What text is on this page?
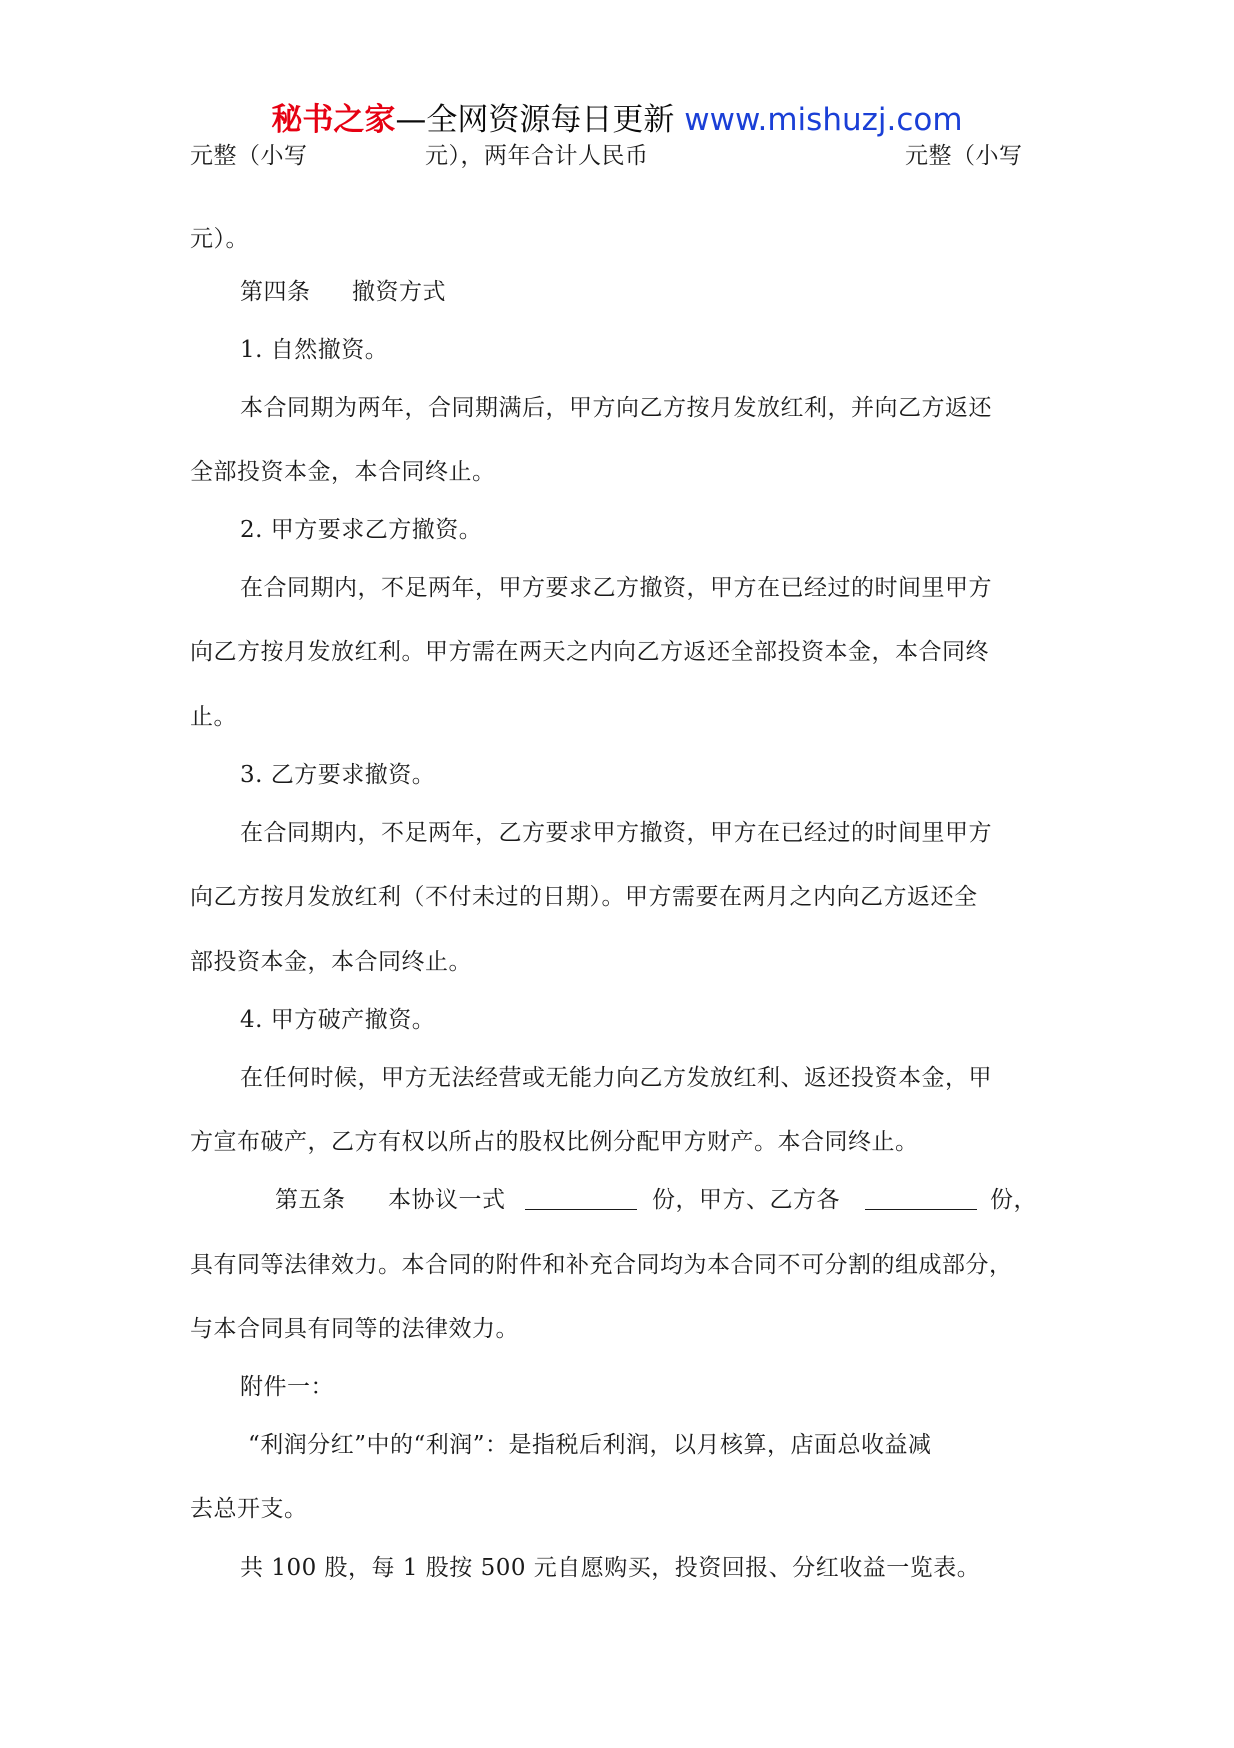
秘书之家—全网资源每日更新 www.mishuzj.com
元整（小写	元），两年合计人民币	元整（小写
元）。
第四条 撤资方式
1. 自然撤资。
本合同期为两年，合同期满后，甲方向乙方按月发放红利，并向乙方返还
全部投资本金，本合同终止。
2. 甲方要求乙方撤资。
在合同期内，不足两年，甲方要求乙方撤资，甲方在已经过的时间里甲方
向乙方按月发放红利。甲方需在两天之内向乙方返还全部投资本金，本合同终
止。
3. 乙方要求撤资。
在合同期内，不足两年，乙方要求甲方撤资，甲方在已经过的时间里甲方
向乙方按月发放红利（不付未过的日期）。甲方需要在两月之内向乙方返还全
部投资本金，本合同终止。
4. 甲方破产撤资。
在任何时候，甲方无法经营或无能力向乙方发放红利、返还投资本金，甲
方宣布破产，乙方有权以所占的股权比例分配甲方财产。本合同终止。
第五条 本协议一式	份，甲方、乙方各	份，
具有同等法律效力。本合同的附件和补充合同均为本合同不可分割的组成部分，
与本合同具有同等的法律效力。
附件一：
“利润分红”中的“利润”：是指税后利润，以月核算，店面总收益减
去总开支。
共 100 股，每 1 股按 500 元自愿购买，投资回报、分红收益一览表。
